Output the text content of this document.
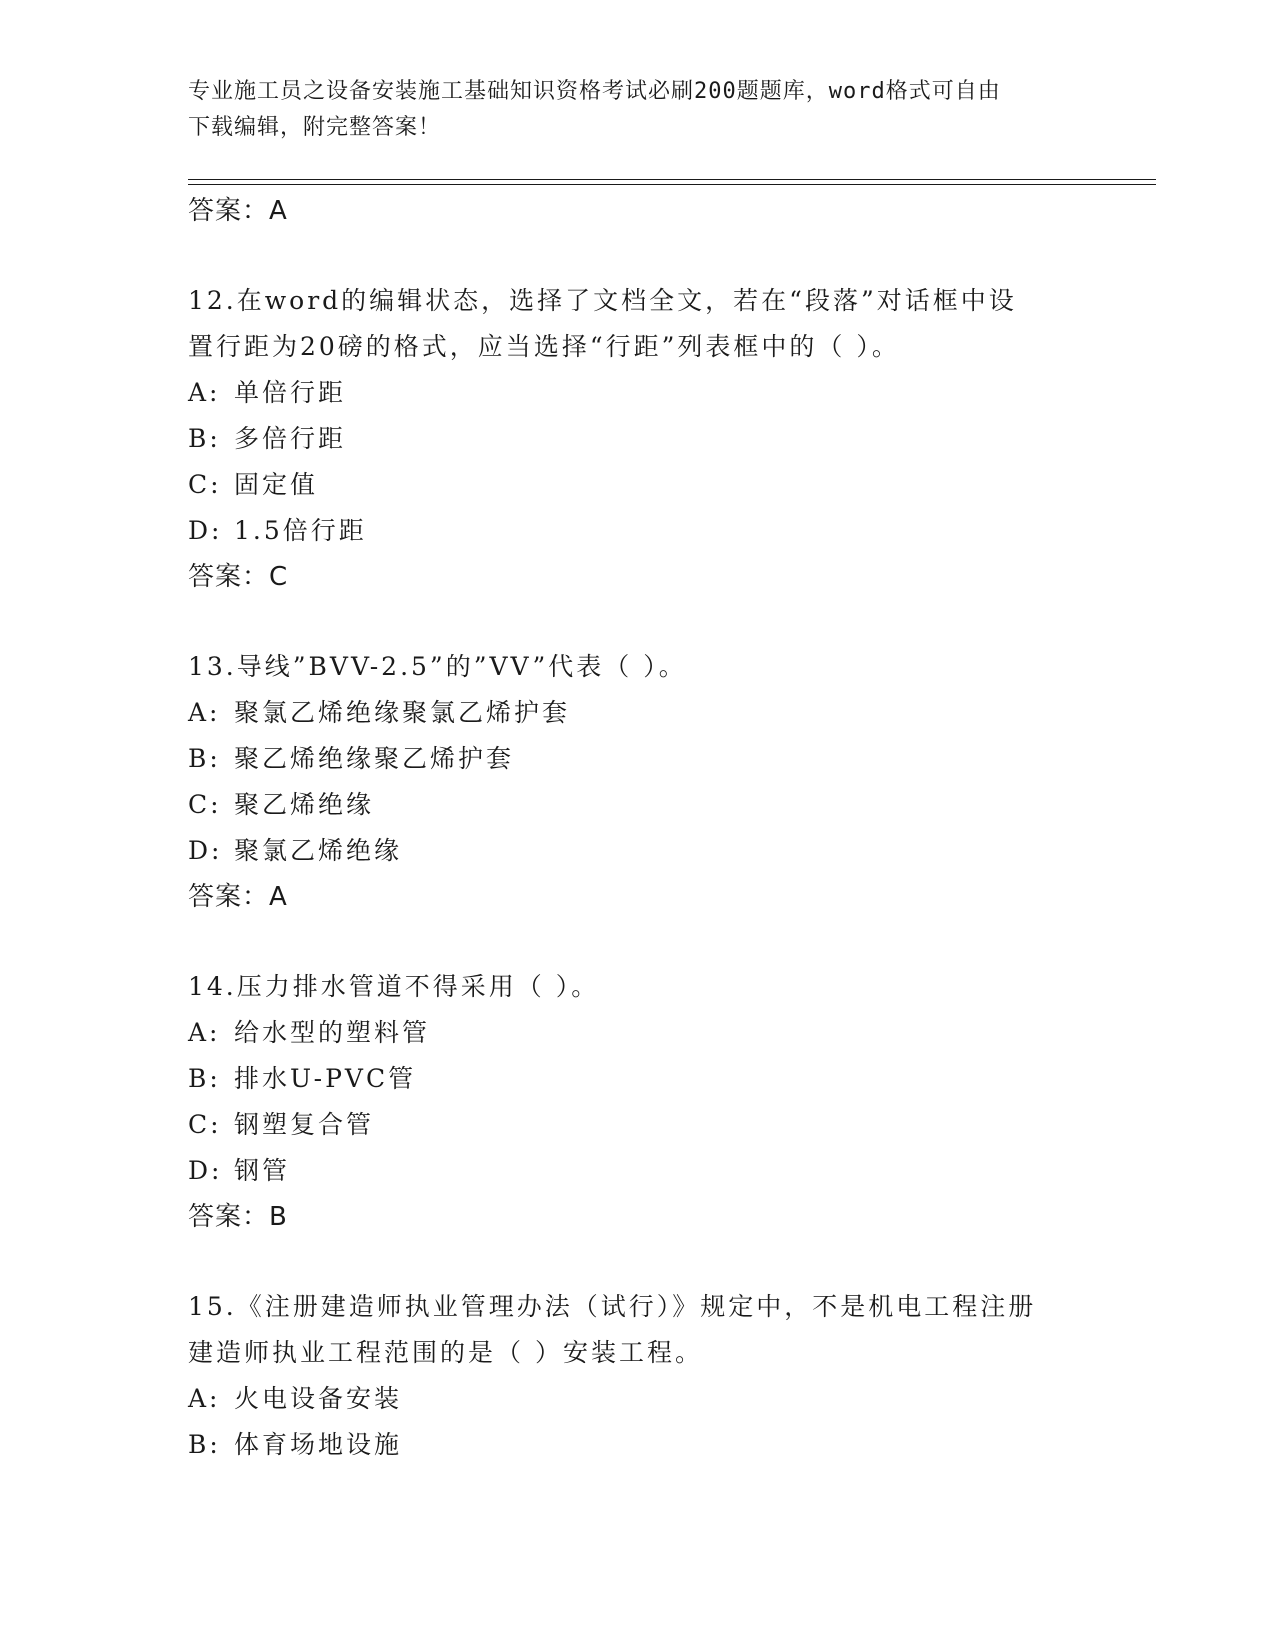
专业施工员之设备安装施工基础知识资格考试必刷200题题库，word格式可自由
下载编辑，附完整答案！
答案：A
12.在word的编辑状态，选择了文档全文，若在“段落”对话框中设
置行距为20磅的格式，应当选择“行距”列表框中的（ ）。
A: 单倍行距
B: 多倍行距
C: 固定值
D: 1.5倍行距
答案：C
13.导线”BVV-2.5”的”VV”代表（ ）。
A: 聚氯乙烯绝缘聚氯乙烯护套
B: 聚乙烯绝缘聚乙烯护套
C: 聚乙烯绝缘
D: 聚氯乙烯绝缘
答案：A
14.压力排水管道不得采用（ ）。
A: 给水型的塑料管
B: 排水U-PVC管
C: 钢塑复合管
D: 钢管
答案：B
15.《注册建造师执业管理办法（试行）》规定中，不是机电工程注册
建造师执业工程范围的是（ ）安装工程。
A: 火电设备安装
B: 体育场地设施
